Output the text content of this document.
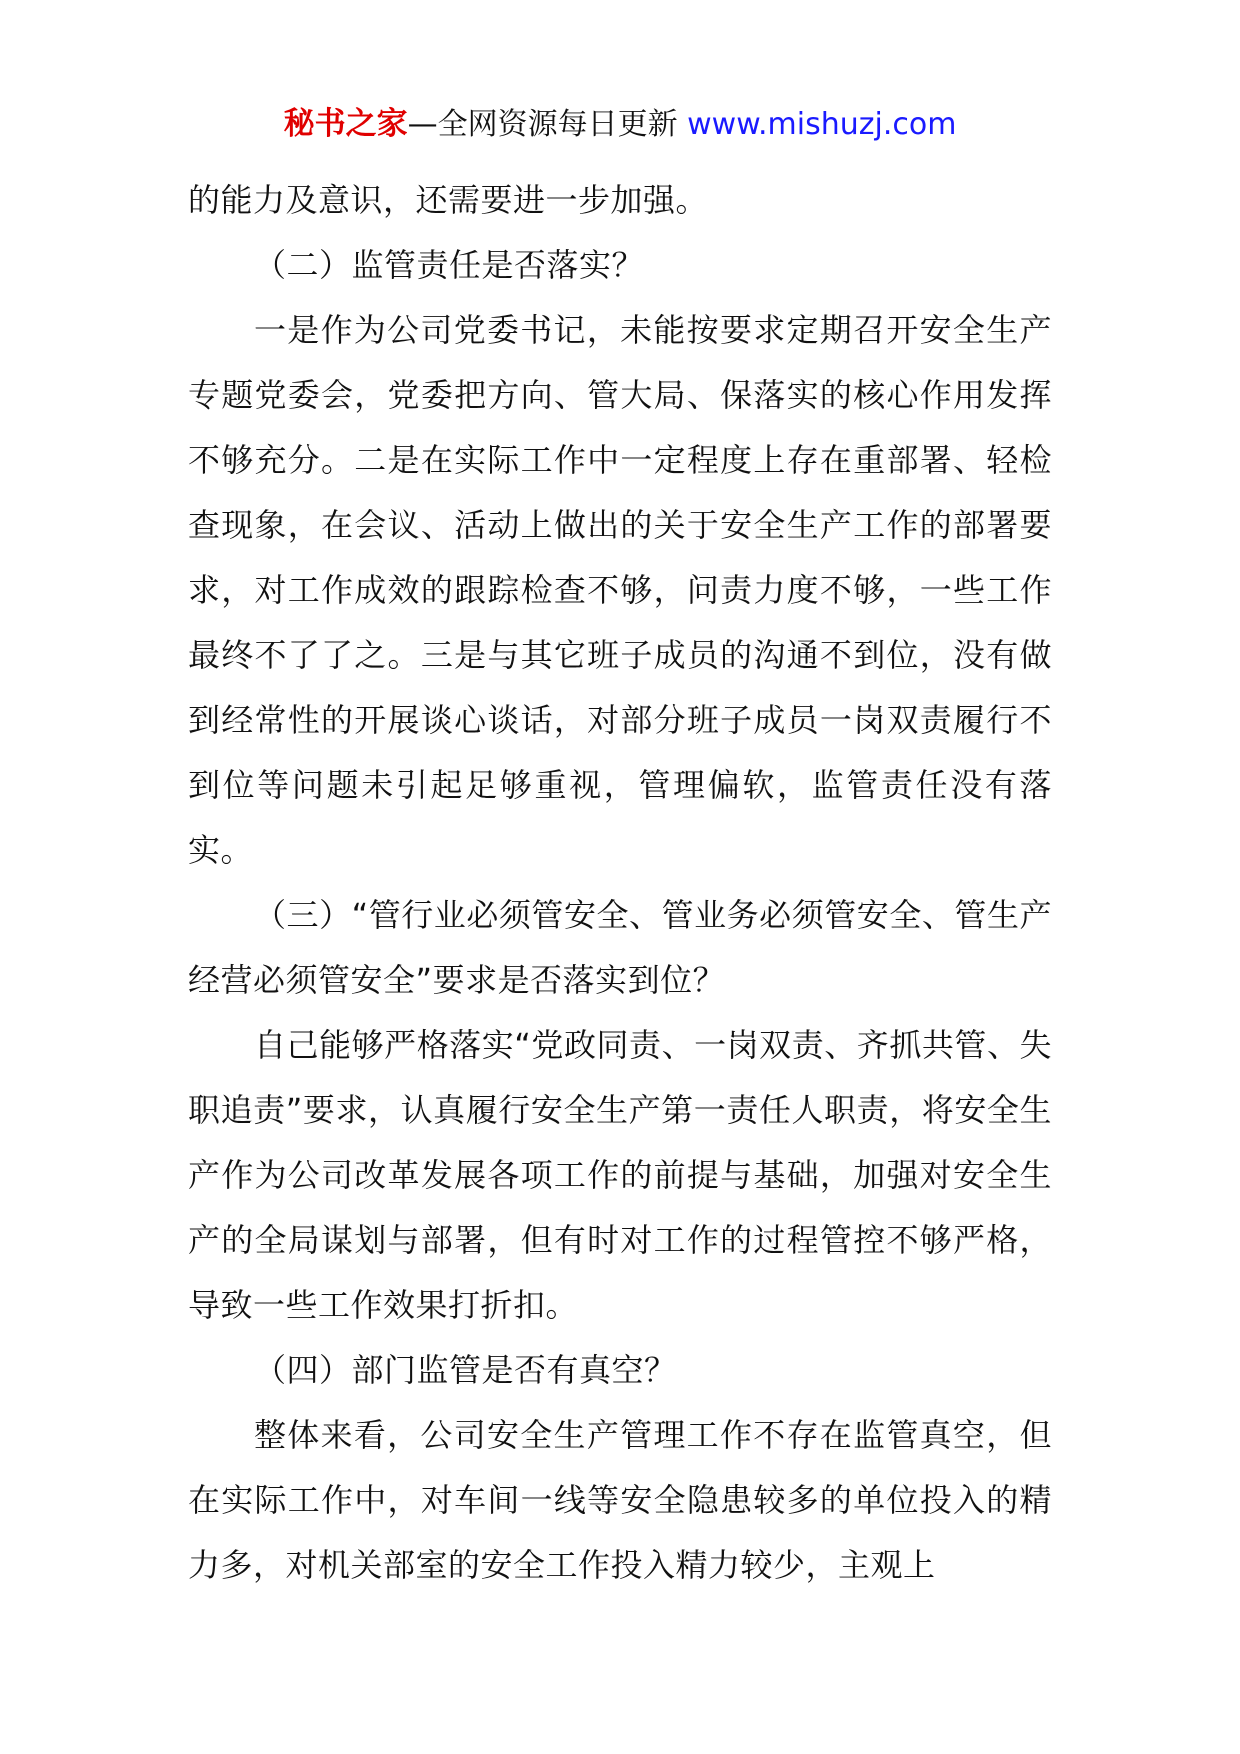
秘书之家—全网资源每日更新 www.mishuzj.com

的能力及意识，还需要进一步加强。

（二）监管责任是否落实？

一是作为公司党委书记，未能按要求定期召开安全生产专题党委会，党委把方向、管大局、保落实的核心作用发挥不够充分。二是在实际工作中一定程度上存在重部署、轻检查现象，在会议、活动上做出的关于安全生产工作的部署要求，对工作成效的跟踪检查不够，问责力度不够，一些工作最终不了了之。三是与其它班子成员的沟通不到位，没有做到经常性的开展谈心谈话，对部分班子成员一岗双责履行不到位等问题未引起足够重视，管理偏软，监管责任没有落实。

（三）“管行业必须管安全、管业务必须管安全、管生产经营必须管安全”要求是否落实到位？

自己能够严格落实“党政同责、一岗双责、齐抓共管、失职追责”要求，认真履行安全生产第一责任人职责，将安全生产作为公司改革发展各项工作的前提与基础，加强对安全生产的全局谋划与部署，但有时对工作的过程管控不够严格，导致一些工作效果打折扣。

（四）部门监管是否有真空？

整体来看，公司安全生产管理工作不存在监管真空，但在实际工作中，对车间一线等安全隐患较多的单位投入的精力多，对机关部室的安全工作投入精力较少，主观上
